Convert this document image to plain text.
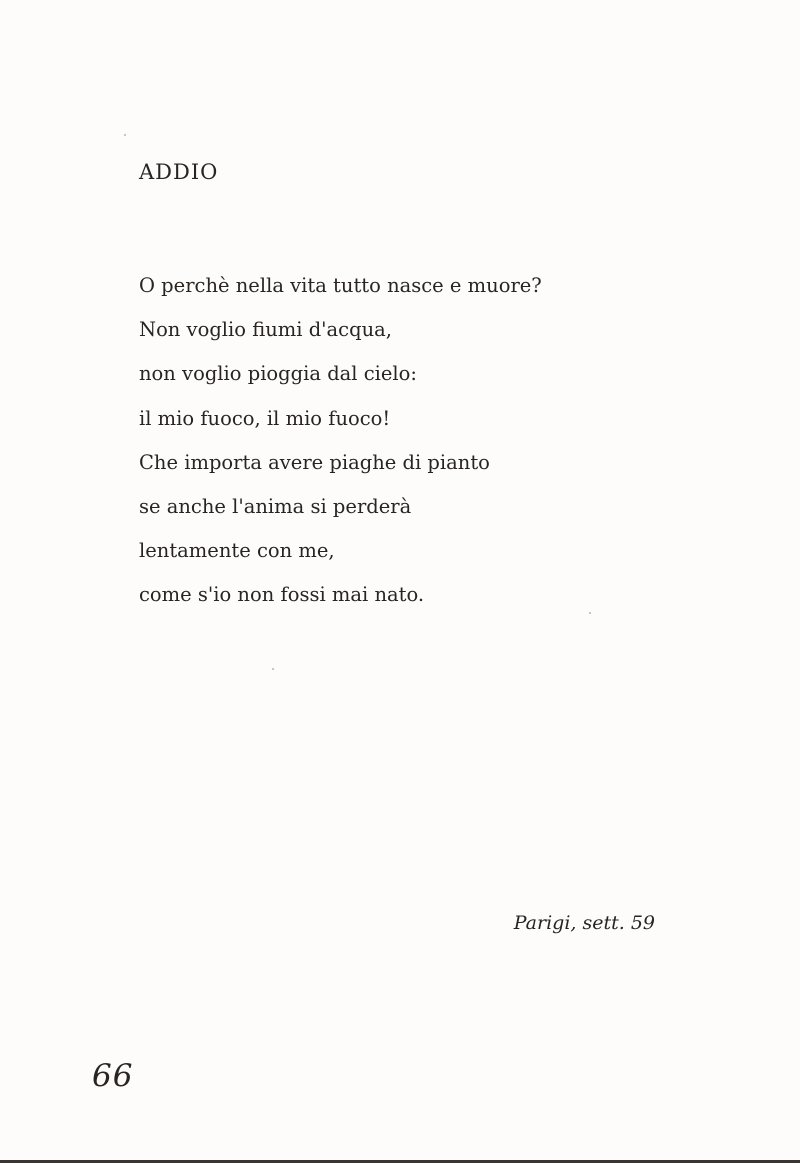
ADDIO
O perchè nella vita tutto nasce e muore?
Non voglio fiumi d'acqua,
non voglio pioggia dal cielo:
il mio fuoco, il mio fuoco!
Che importa avere piaghe di pianto
se anche l'anima si perderà
lentamente con me,
come s'io non fossi mai nato.
Parigi, sett. 59
66
